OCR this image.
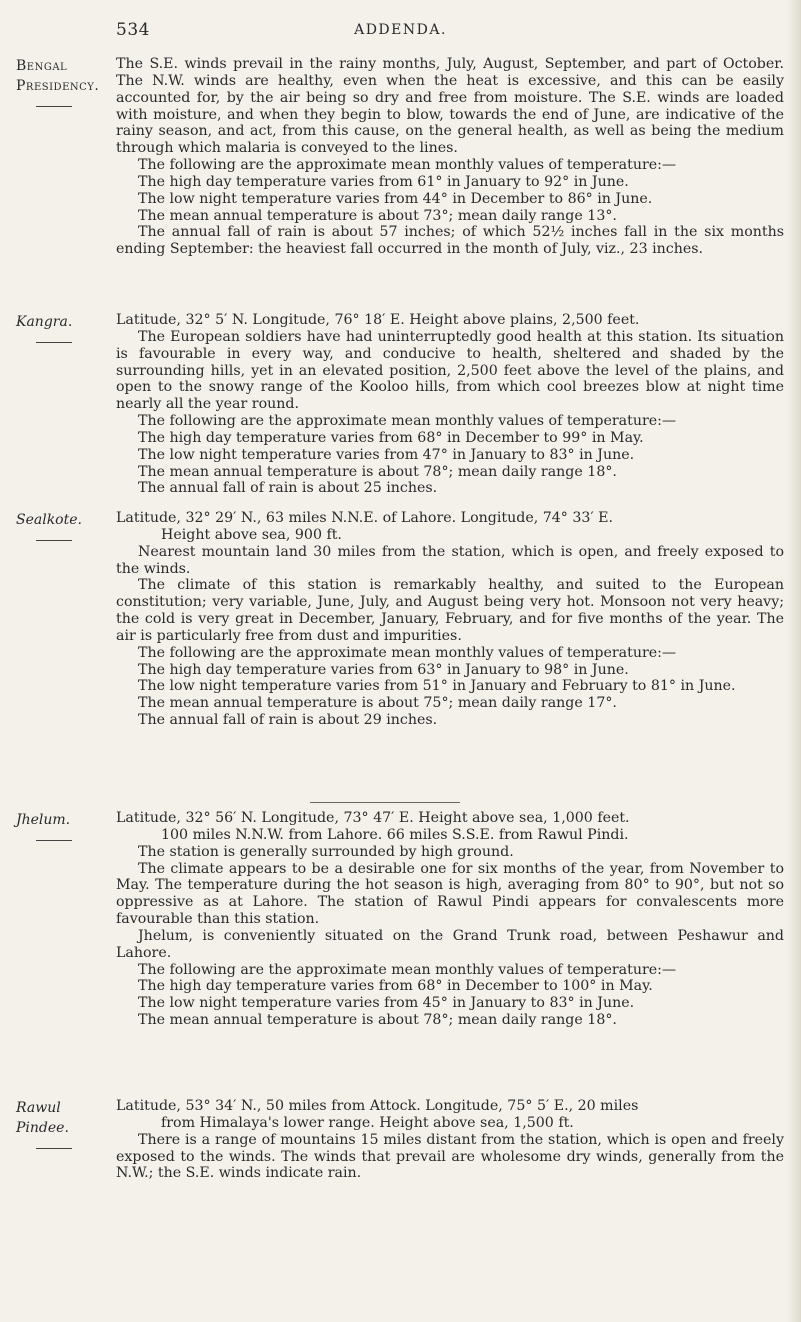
534	ADDENDA.
Bengal Presidency.

The S.E. winds prevail in the rainy months, July, August, September, and part of October. The N.W. winds are healthy, even when the heat is excessive, and this can be easily accounted for, by the air being so dry and free from moisture. The S.E. winds are loaded with moisture, and when they begin to blow, towards the end of June, are indicative of the rainy season, and act, from this cause, on the general health, as well as being the medium through which malaria is conveyed to the lines.

The following are the approximate mean monthly values of temperature:—

The high day temperature varies from 61° in January to 92° in June.

The low night temperature varies from 44° in December to 86° in June.

The mean annual temperature is about 73°; mean daily range 13°.

The annual fall of rain is about 57 inches; of which 52½ inches fall in the six months ending September: the heaviest fall occurred in the month of July, viz., 23 inches.

Kangra.	Latitude, 32° 5′ N. Longitude, 76° 18′ E. Height above plains, 2,500 feet.

The European soldiers have had uninterruptedly good health at this station. Its situation is favourable in every way, and conducive to health, sheltered and shaded by the surrounding hills, yet in an elevated position, 2,500 feet above the level of the plains, and open to the snowy range of the Kooloo hills, from which cool breezes blow at night time nearly all the year round.

The following are the approximate mean monthly values of temperature:—

The high day temperature varies from 68° in December to 99° in May.

The low night temperature varies from 47° in January to 83° in June.

The mean annual temperature is about 78°; mean daily range 18°.

The annual fall of rain is about 25 inches.

Sealkote.	Latitude, 32° 29′ N., 63 miles N.N.E. of Lahore. Longitude, 74° 33′ E.

Height above sea, 900 ft.

Nearest mountain land 30 miles from the station, which is open, and freely exposed to the winds.

The climate of this station is remarkably healthy, and suited to the European constitution; very variable, June, July, and August being very hot. Monsoon not very heavy; the cold is very great in December, January, February, and for five months of the year. The air is particularly free from dust and impurities.

The following are the approximate mean monthly values of temperature:—

The high day temperature varies from 63° in January to 98° in June.

The low night temperature varies from 51° in January and February to 81° in June.

The mean annual temperature is about 75°; mean daily range 17°.

The annual fall of rain is about 29 inches.

Jhelum.	Latitude, 32° 56′ N. Longitude, 73° 47′ E. Height above sea, 1,000 feet.

100 miles N.N.W. from Lahore. 66 miles S.S.E. from Rawul Pindi.

The station is generally surrounded by high ground.

The climate appears to be a desirable one for six months of the year, from November to May. The temperature during the hot season is high, averaging from 80° to 90°, but not so oppressive as at Lahore. The station of Rawul Pindi appears for convalescents more favourable than this station.

Jhelum, is conveniently situated on the Grand Trunk road, between Peshawur and Lahore.

The following are the approximate mean monthly values of temperature:—

The high day temperature varies from 68° in December to 100° in May.

The low night temperature varies from 45° in January to 83° in June.

The mean annual temperature is about 78°; mean daily range 18°.

Rawul Pindee.

Latitude, 53° 34′ N., 50 miles from Attock. Longitude, 75° 5′ E., 20 miles

from Himalaya's lower range. Height above sea, 1,500 ft.

There is a range of mountains 15 miles distant from the station, which is open and freely exposed to the winds. The winds that prevail are wholesome dry winds, generally from the N.W.; the S.E. winds indicate rain.
